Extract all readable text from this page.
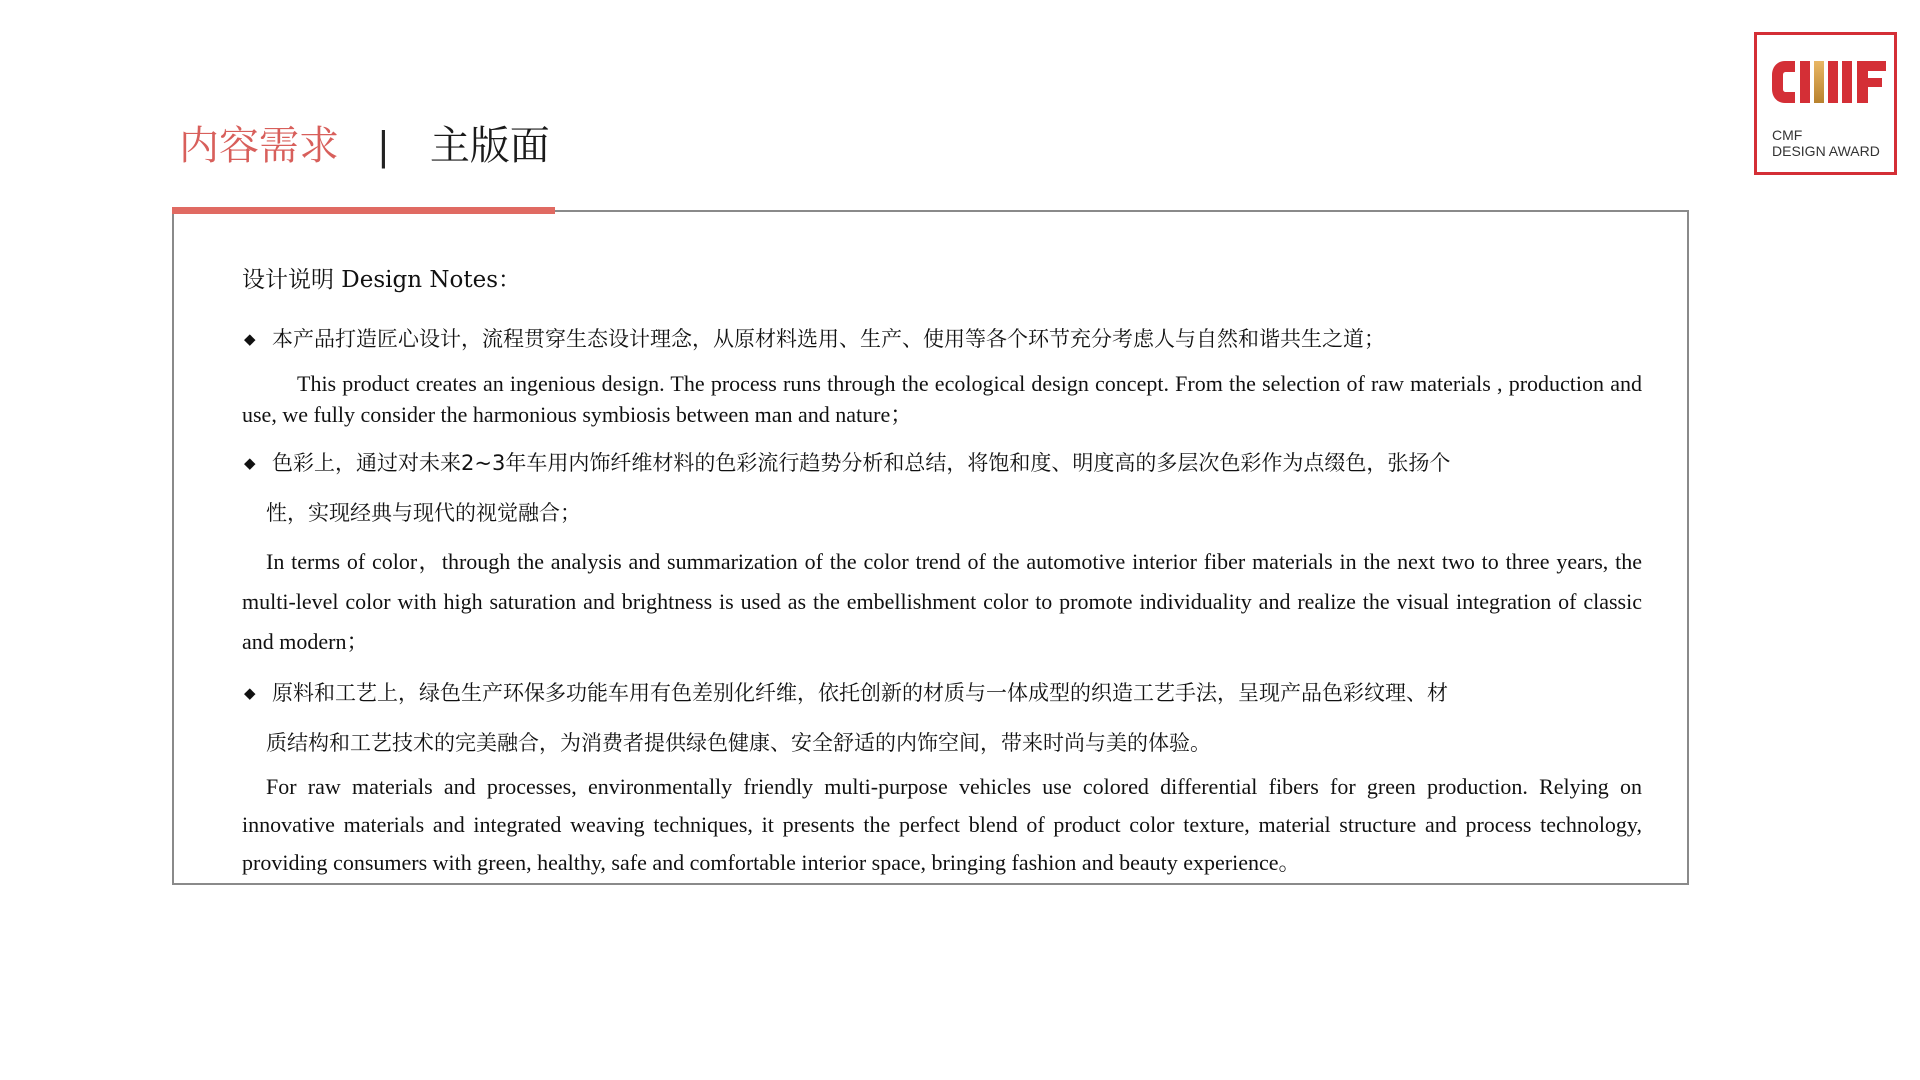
内容需求 | 主版面	CMF
DESIGN AWARD
设计说明 Design Notes：
◆ 本产品打造匠心设计，流程贯穿生态设计理念，从原材料选用、生产、使用等各个环节充分考虑人与自然和谐共生之道；

This product creates an ingenious design. The process runs through the ecological design concept. From the selection of raw materials , production and use, we fully consider the harmonious symbiosis between man and nature；

◆ 色彩上，通过对未来2~3年车用内饰纤维材料的色彩流行趋势分析和总结，将饱和度、明度高的多层次色彩作为点缀色，张扬个
性，实现经典与现代的视觉融合；

In terms of color，through the analysis and summarization of the color trend of the automotive interior fiber materials in the next two to three years, the multi-level color with high saturation and brightness is used as the embellishment color to promote individuality and realize the visual integration of classic and modern；

◆ 原料和工艺上，绿色生产环保多功能车用有色差别化纤维，依托创新的材质与一体成型的织造工艺手法，呈现产品色彩纹理、材
质结构和工艺技术的完美融合，为消费者提供绿色健康、安全舒适的内饰空间，带来时尚与美的体验。

For raw materials and processes, environmentally friendly multi-purpose vehicles use colored differential fibers for green production. Relying on innovative materials and integrated weaving techniques, it presents the perfect blend of product color texture, material structure and process technology, providing consumers with green, healthy, safe and comfortable interior space, bringing fashion and beauty experience。
